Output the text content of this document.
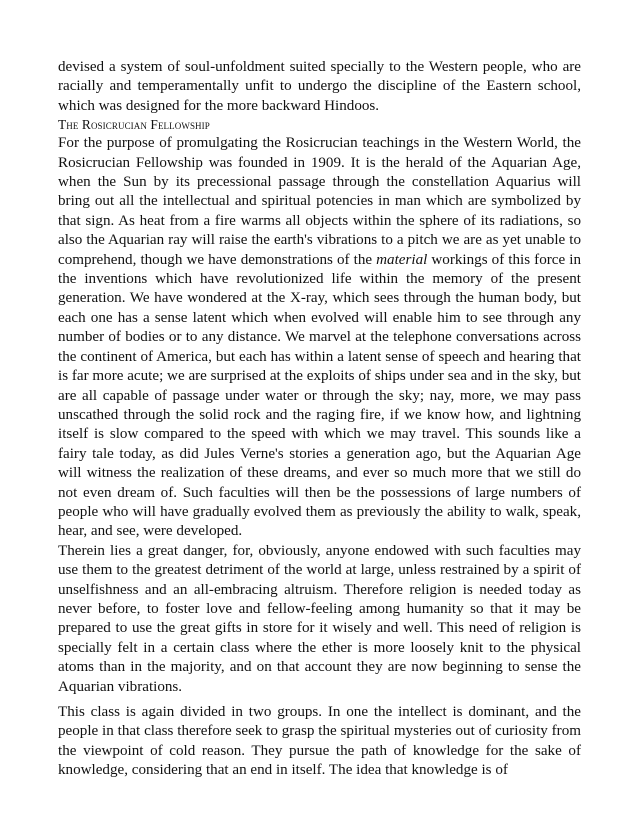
devised a system of soul-unfoldment suited specially to the Western people, who are racially and temperamentally unfit to undergo the discipline of the Eastern school, which was designed for the more backward Hindoos.

The Rosicrucian Fellowship

For the purpose of promulgating the Rosicrucian teachings in the Western World, the Rosicrucian Fellowship was founded in 1909. It is the herald of the Aquarian Age, when the Sun by its precessional passage through the constellation Aquarius will bring out all the intellectual and spiritual potencies in man which are symbolized by that sign. As heat from a fire warms all objects within the sphere of its radiations, so also the Aquarian ray will raise the earth's vibrations to a pitch we are as yet unable to comprehend, though we have demonstrations of the material workings of this force in the inventions which have revolutionized life within the memory of the present generation. We have wondered at the X-ray, which sees through the human body, but each one has a sense latent which when evolved will enable him to see through any number of bodies or to any distance. We marvel at the telephone conversations across the continent of America, but each has within a latent sense of speech and hearing that is far more acute; we are surprised at the exploits of ships under sea and in the sky, but are all capable of passage under water or through the sky; nay, more, we may pass unscathed through the solid rock and the raging fire, if we know how, and lightning itself is slow compared to the speed with which we may travel. This sounds like a fairy tale today, as did Jules Verne's stories a generation ago, but the Aquarian Age will witness the realization of these dreams, and ever so much more that we still do not even dream of. Such faculties will then be the possessions of large numbers of people who will have gradually evolved them as previously the ability to walk, speak, hear, and see, were developed.

Therein lies a great danger, for, obviously, anyone endowed with such faculties may use them to the greatest detriment of the world at large, unless restrained by a spirit of unselfishness and an all-embracing altruism. Therefore religion is needed today as never before, to foster love and fellow-feeling among humanity so that it may be prepared to use the great gifts in store for it wisely and well. This need of religion is specially felt in a certain class where the ether is more loosely knit to the physical atoms than in the majority, and on that account they are now beginning to sense the Aquarian vibrations.

This class is again divided in two groups. In one the intellect is dominant, and the people in that class therefore seek to grasp the spiritual mysteries out of curiosity from the viewpoint of cold reason. They pursue the path of knowledge for the sake of knowledge, considering that an end in itself. The idea that knowledge is of
